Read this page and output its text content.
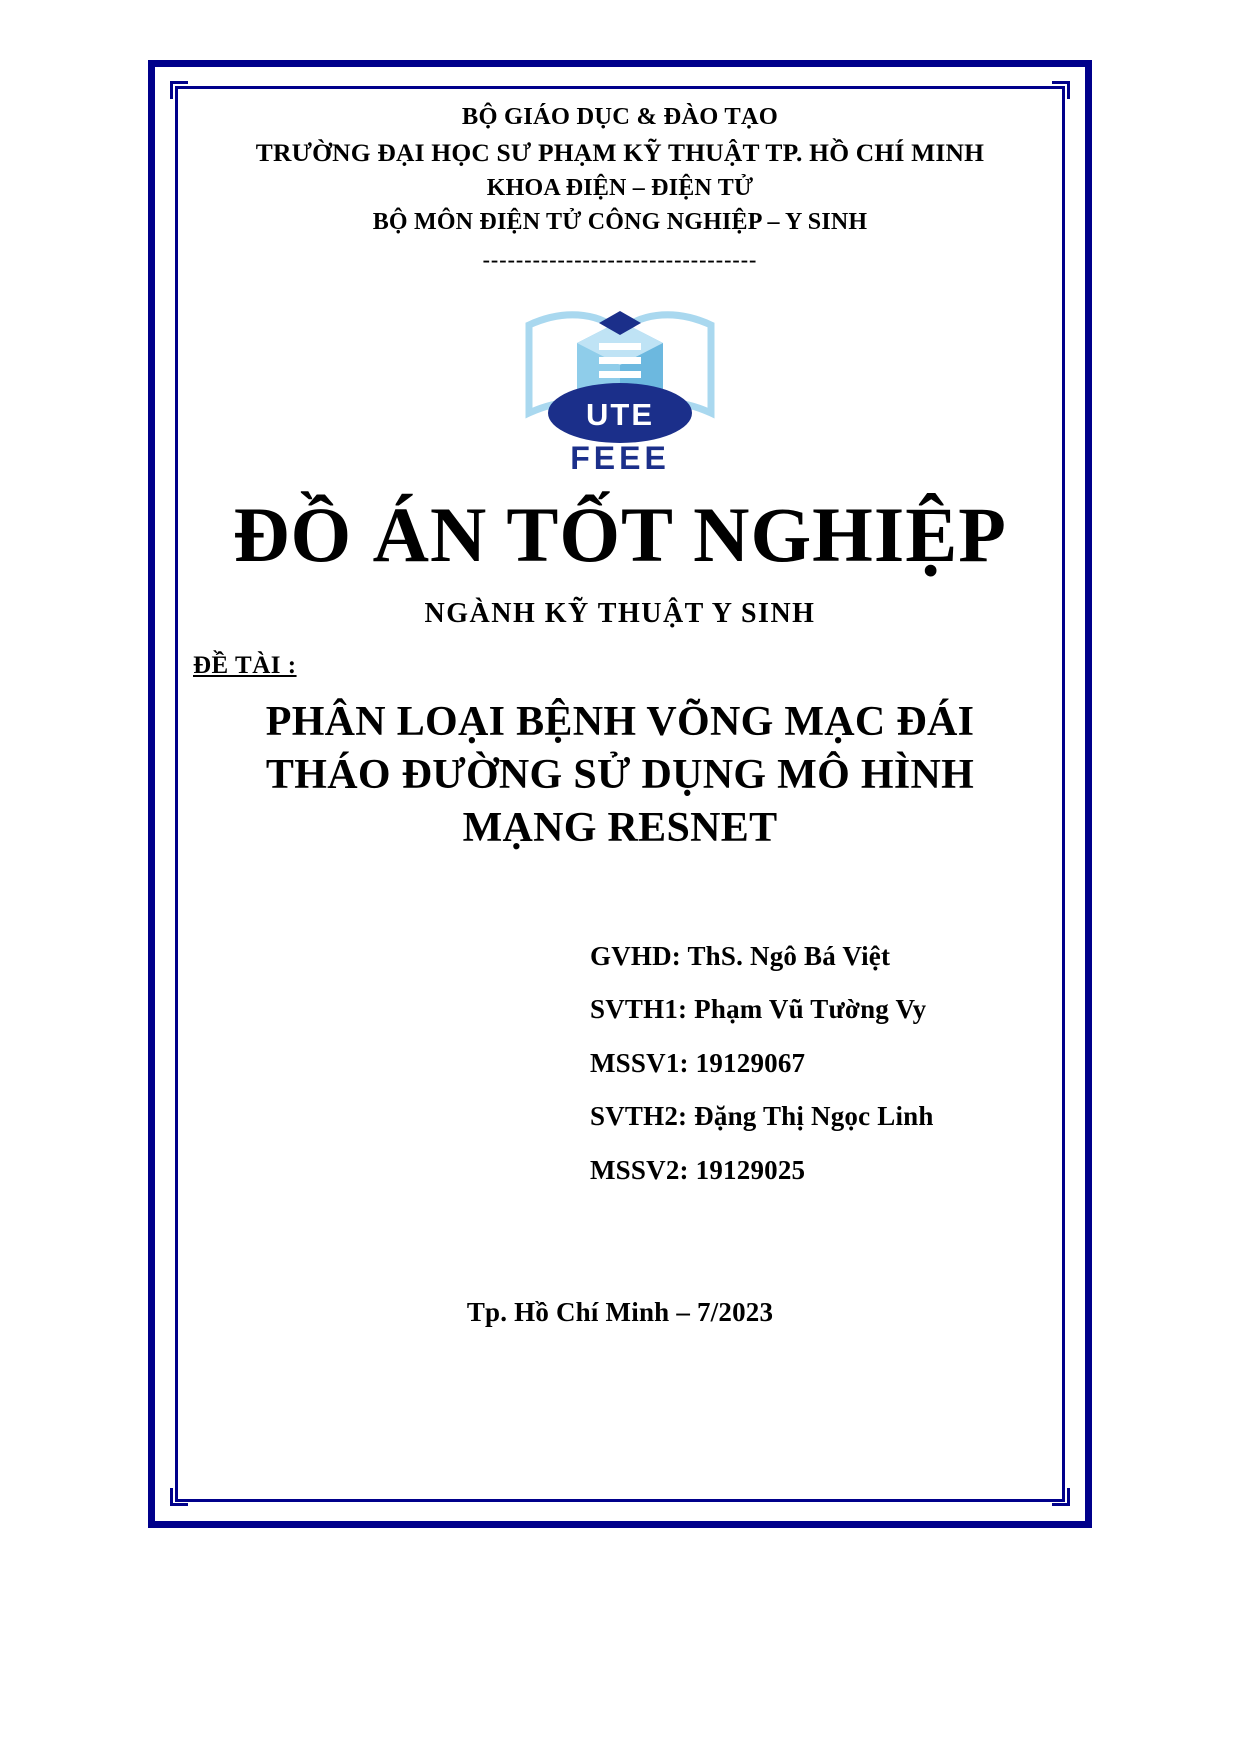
BỘ GIÁO DỤC & ĐÀO TẠO
TRƯỜNG ĐẠI HỌC SƯ PHẠM KỸ THUẬT TP. HỒ CHÍ MINH
KHOA ĐIỆN – ĐIỆN TỬ
BỘ MÔN ĐIỆN TỬ CÔNG NGHIỆP – Y SINH
---------------------------------
UTE
FEEE
ĐỒ ÁN TỐT NGHIỆP
NGÀNH KỸ THUẬT Y SINH
ĐỀ TÀI :
PHÂN LOẠI BỆNH VÕNG MẠC ĐÁI THÁO ĐƯỜNG SỬ DỤNG MÔ HÌNH MẠNG RESNET
GVHD: ThS. Ngô Bá Việt
SVTH1: Phạm Vũ Tường Vy
MSSV1: 19129067
SVTH2: Đặng Thị Ngọc Linh
MSSV2: 19129025
Tp. Hồ Chí Minh – 7/2023
